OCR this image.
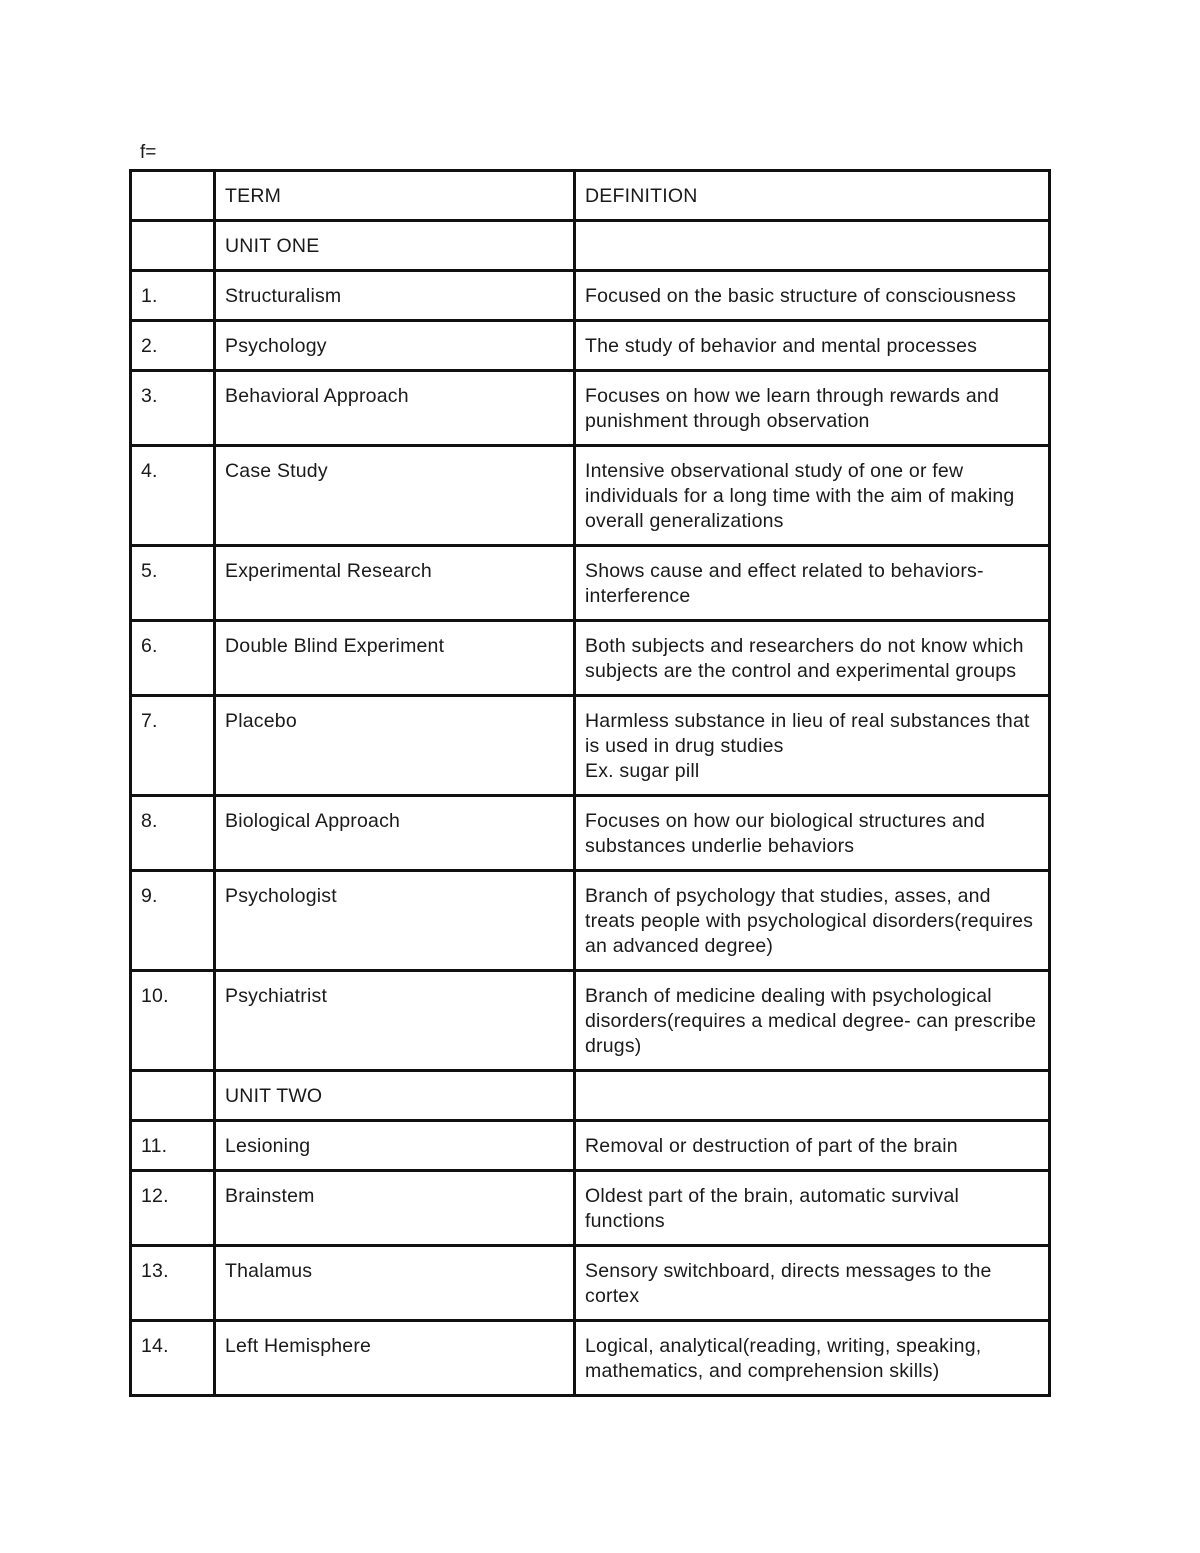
f=
	TERM	DEFINITION
	UNIT ONE	
1.	Structuralism	Focused on the basic structure of consciousness

2.	Psychology	The study of behavior and mental processes

3.	Behavioral Approach	Focuses on how we learn through rewards and punishment through observation

4.	Case Study	Intensive observational study of one or few individuals for a long time with the aim of making overall generalizations

5.	Experimental Research	Shows cause and effect related to behaviors- interference

6.	Double Blind Experiment	Both subjects and researchers do not know which subjects are the control and experimental groups

7.	Placebo	Harmless substance in lieu of real substances that is used in drug studies
Ex. sugar pill

8.	Biological Approach	Focuses on how our biological structures and substances underlie behaviors

9.	Psychologist	Branch of psychology that studies, asses, and treats people with psychological disorders(requires an advanced degree)

10.	Psychiatrist	Branch of medicine dealing with psychological disorders(requires a medical degree- can prescribe drugs)

	UNIT TWO	
11.	Lesioning	Removal or destruction of part of the brain

12.	Brainstem	Oldest part of the brain, automatic survival functions

13.	Thalamus	Sensory switchboard, directs messages to the cortex

14.	Left Hemisphere	Logical, analytical(reading, writing, speaking, mathematics, and comprehension skills)
